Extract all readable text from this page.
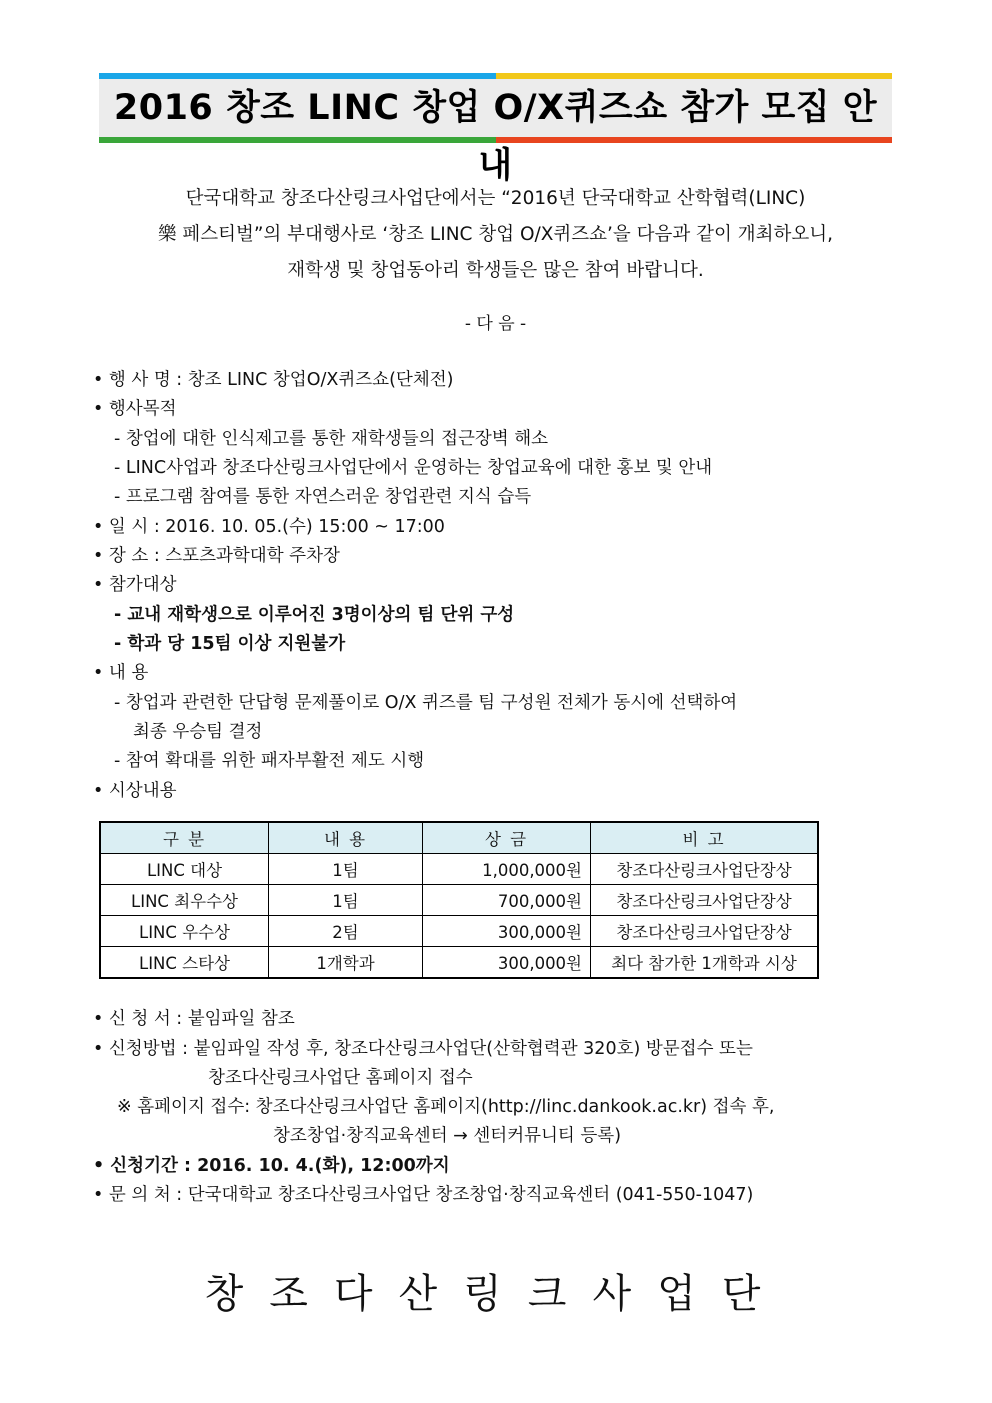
2016 창조 LINC 창업 O/X퀴즈쇼 참가 모집 안내
단국대학교 창조다산링크사업단에서는 “2016년 단국대학교 산학협력(LINC)
樂 페스티벌”의 부대행사로 ‘창조 LINC 창업 O/X퀴즈쇼’을 다음과 같이 개최하오니,
재학생 및 창업동아리 학생들은 많은 참여 바랍니다.
- 다 음 -
• 행 사 명 : 창조 LINC 창업O/X퀴즈쇼(단체전)
• 행사목적
- 창업에 대한 인식제고를 통한 재학생들의 접근장벽 해소
- LINC사업과 창조다산링크사업단에서 운영하는 창업교육에 대한 홍보 및 안내
- 프로그램 참여를 통한 자연스러운 창업관련 지식 습득
• 일 시 : 2016. 10. 05.(수) 15:00 ~ 17:00
• 장 소 : 스포츠과학대학 주차장
• 참가대상
- 교내 재학생으로 이루어진 3명이상의 팀 단위 구성
- 학과 당 15팀 이상 지원불가
• 내 용
- 창업과 관련한 단답형 문제풀이로 O/X 퀴즈를 팀 구성원 전체가 동시에 선택하여
최종 우승팀 결정
- 참여 확대를 위한 패자부활전 제도 시행
• 시상내용
구 분	내 용	상 금	비 고
LINC 대상	1팀	1,000,000원	창조다산링크사업단장상
LINC 최우수상	1팀	700,000원	창조다산링크사업단장상
LINC 우수상	2팀	300,000원	창조다산링크사업단장상
LINC 스타상	1개학과	300,000원	최다 참가한 1개학과 시상
• 신 청 서 : 붙임파일 참조
• 신청방법 : 붙임파일 작성 후, 창조다산링크사업단(산학협력관 320호) 방문접수 또는
창조다산링크사업단 홈페이지 접수
※ 홈페이지 접수: 창조다산링크사업단 홈페이지(http://linc.dankook.ac.kr) 접속 후,
창조창업·창직교육센터 → 센터커뮤니티 등록)
• 신청기간 : 2016. 10. 4.(화), 12:00까지
• 문 의 처 : 단국대학교 창조다산링크사업단 창조창업·창직교육센터 (041-550-1047)
창조다산링크사업단
